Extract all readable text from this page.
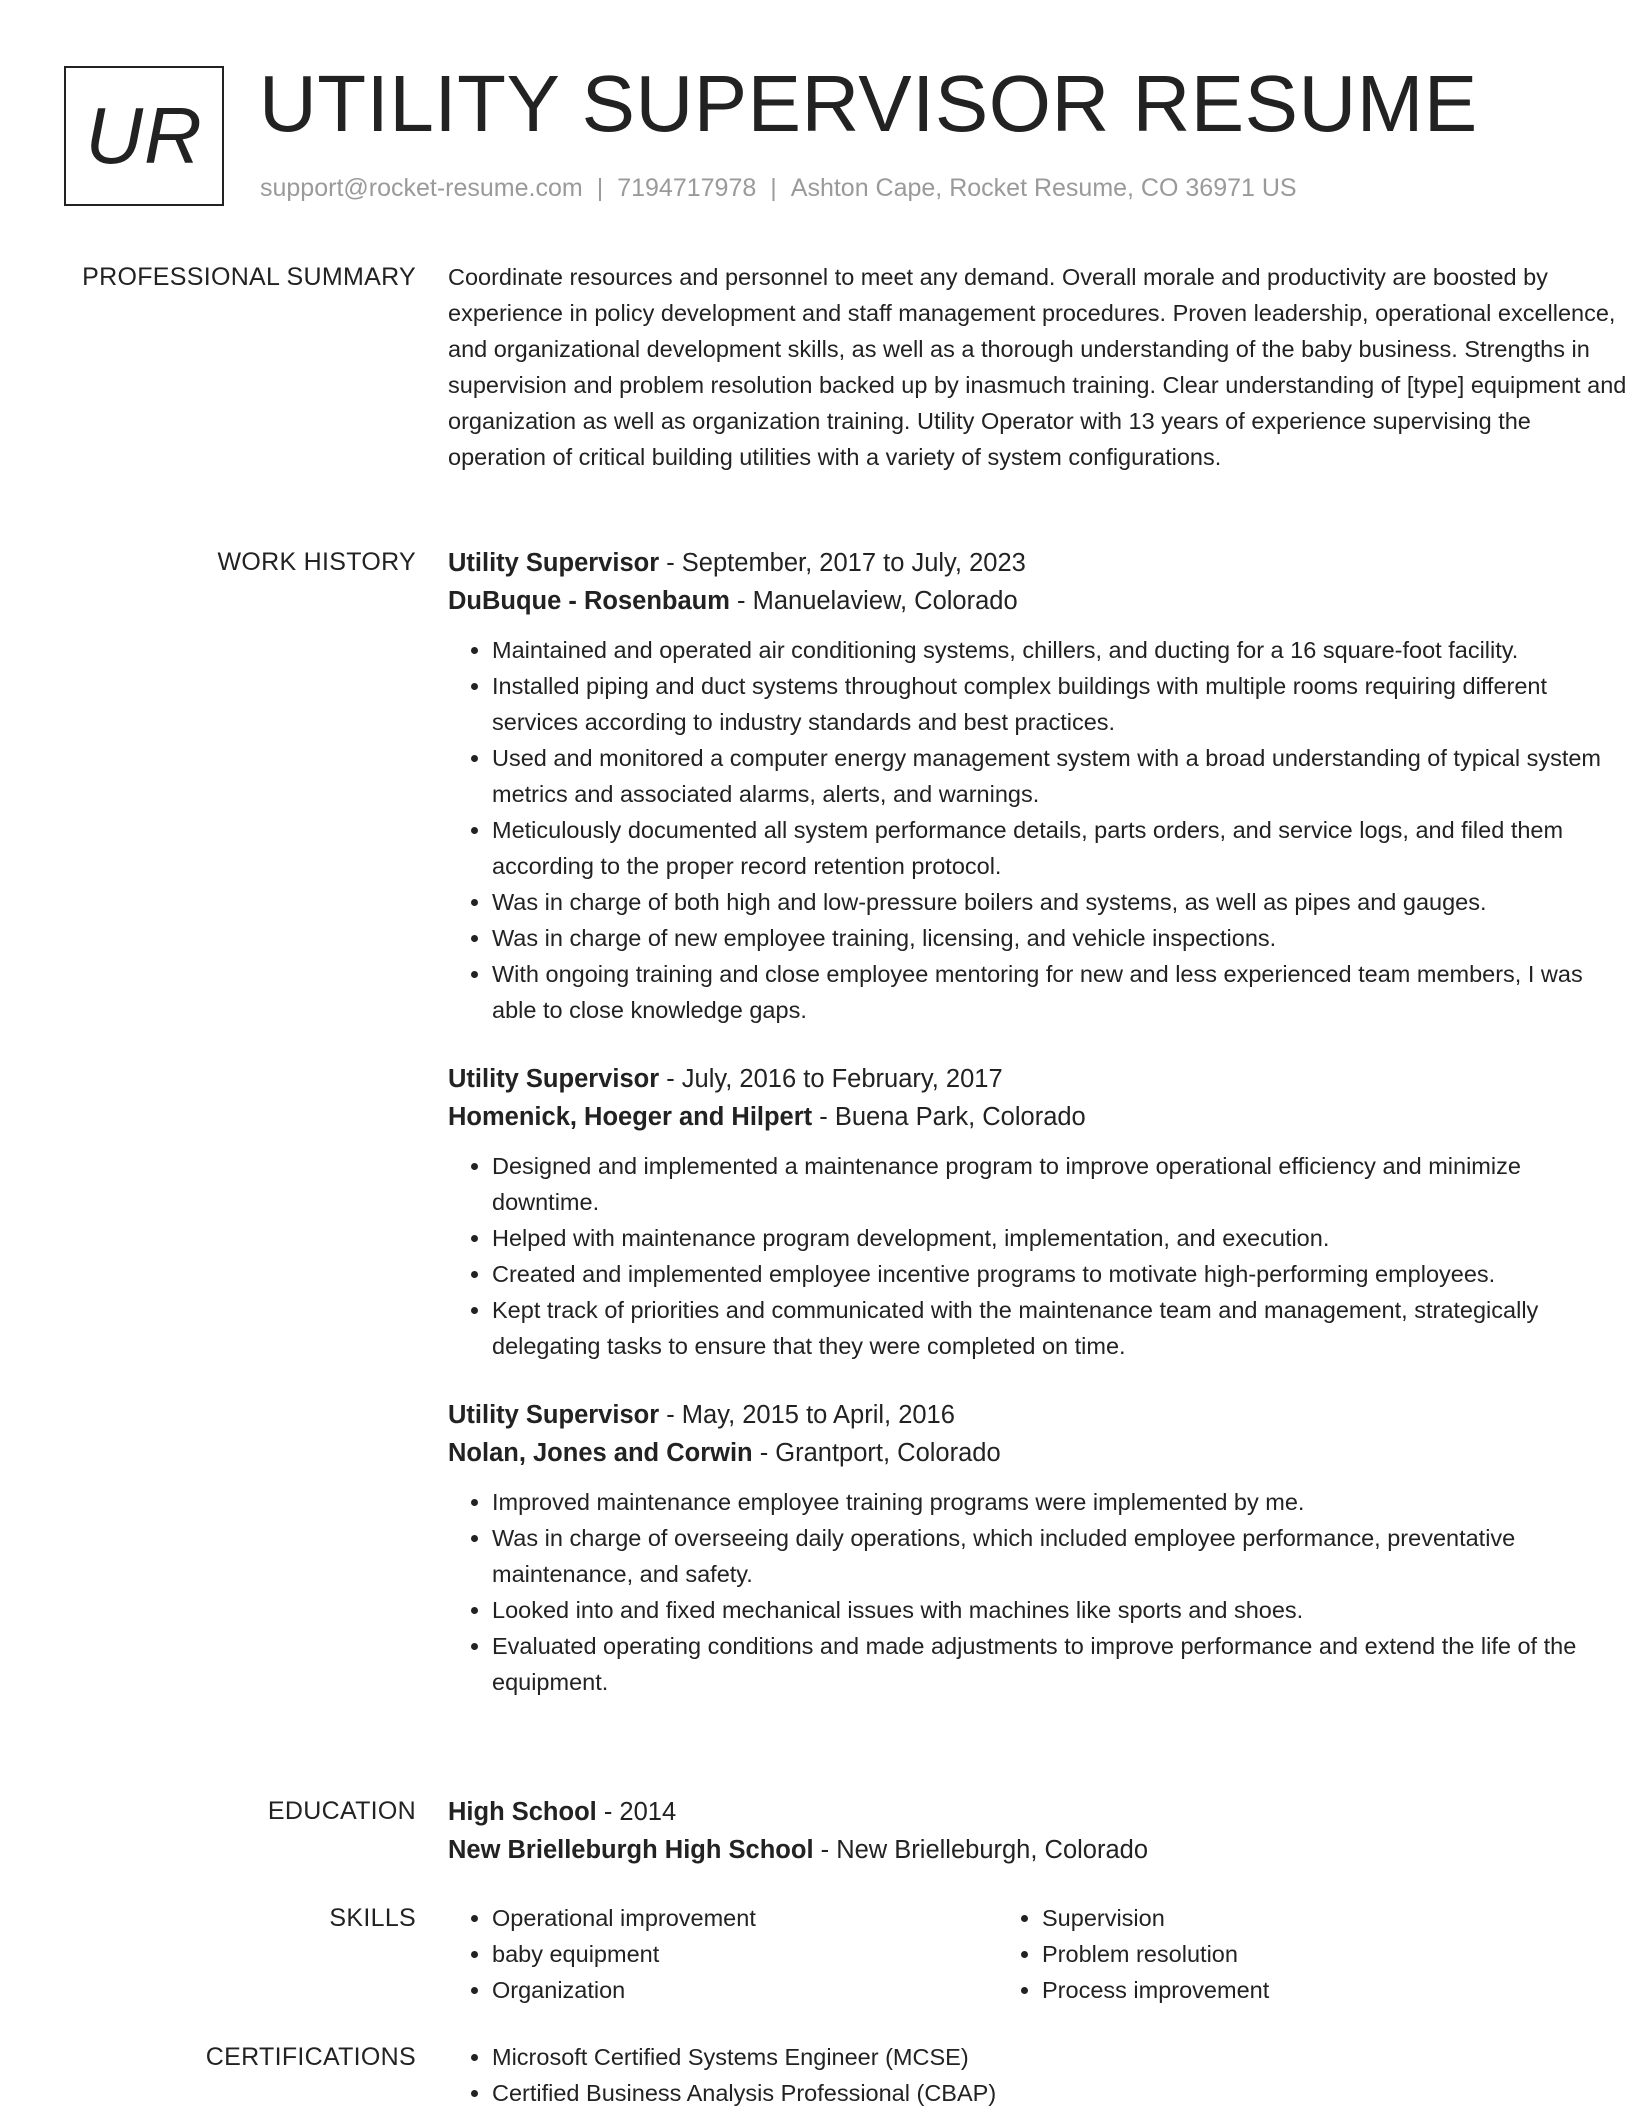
UR UTILITY SUPERVISOR RESUME
support@rocket-resume.com | 7194717978 | Ashton Cape, Rocket Resume, CO 36971 US
PROFESSIONAL SUMMARY Coordinate resources and personnel to meet any demand. Overall morale and productivity are boosted by experience in policy development and staff management procedures. Proven leadership, operational excellence, and organizational development skills, as well as a thorough understanding of the baby business. Strengths in supervision and problem resolution backed up by inasmuch training. Clear understanding of [type] equipment and organization as well as organization training. Utility Operator with 13 years of experience supervising the operation of critical building utilities with a variety of system configurations.

WORK HISTORY Utility Supervisor - September, 2017 to July, 2023
DuBuque - Rosenbaum - Manuelaview, Colorado
• Maintained and operated air conditioning systems, chillers, and ducting for a 16 square-foot facility.
• Installed piping and duct systems throughout complex buildings with multiple rooms requiring different services according to industry standards and best practices.
• Used and monitored a computer energy management system with a broad understanding of typical system metrics and associated alarms, alerts, and warnings.
• Meticulously documented all system performance details, parts orders, and service logs, and filed them according to the proper record retention protocol.
• Was in charge of both high and low-pressure boilers and systems, as well as pipes and gauges.
• Was in charge of new employee training, licensing, and vehicle inspections.
• With ongoing training and close employee mentoring for new and less experienced team members, I was able to close knowledge gaps.
Utility Supervisor - July, 2016 to February, 2017
Homenick, Hoeger and Hilpert - Buena Park, Colorado
• Designed and implemented a maintenance program to improve operational efficiency and minimize downtime.
• Helped with maintenance program development, implementation, and execution.
• Created and implemented employee incentive programs to motivate high-performing employees.
• Kept track of priorities and communicated with the maintenance team and management, strategically delegating tasks to ensure that they were completed on time.
Utility Supervisor - May, 2015 to April, 2016
Nolan, Jones and Corwin - Grantport, Colorado
• Improved maintenance employee training programs were implemented by me.
• Was in charge of overseeing daily operations, which included employee performance, preventative maintenance, and safety.
• Looked into and fixed mechanical issues with machines like sports and shoes.
• Evaluated operating conditions and made adjustments to improve performance and extend the life of the equipment.
EDUCATION High School - 2014
New Brielleburgh High School - New Brielleburgh, Colorado
SKILLS	• Operational improvement
• baby equipment
• Organization
• Supervision
• Problem resolution
• Process improvement
CERTIFICATIONS	• Microsoft Certified Systems Engineer (MCSE)
• Certified Business Analysis Professional (CBAP)
